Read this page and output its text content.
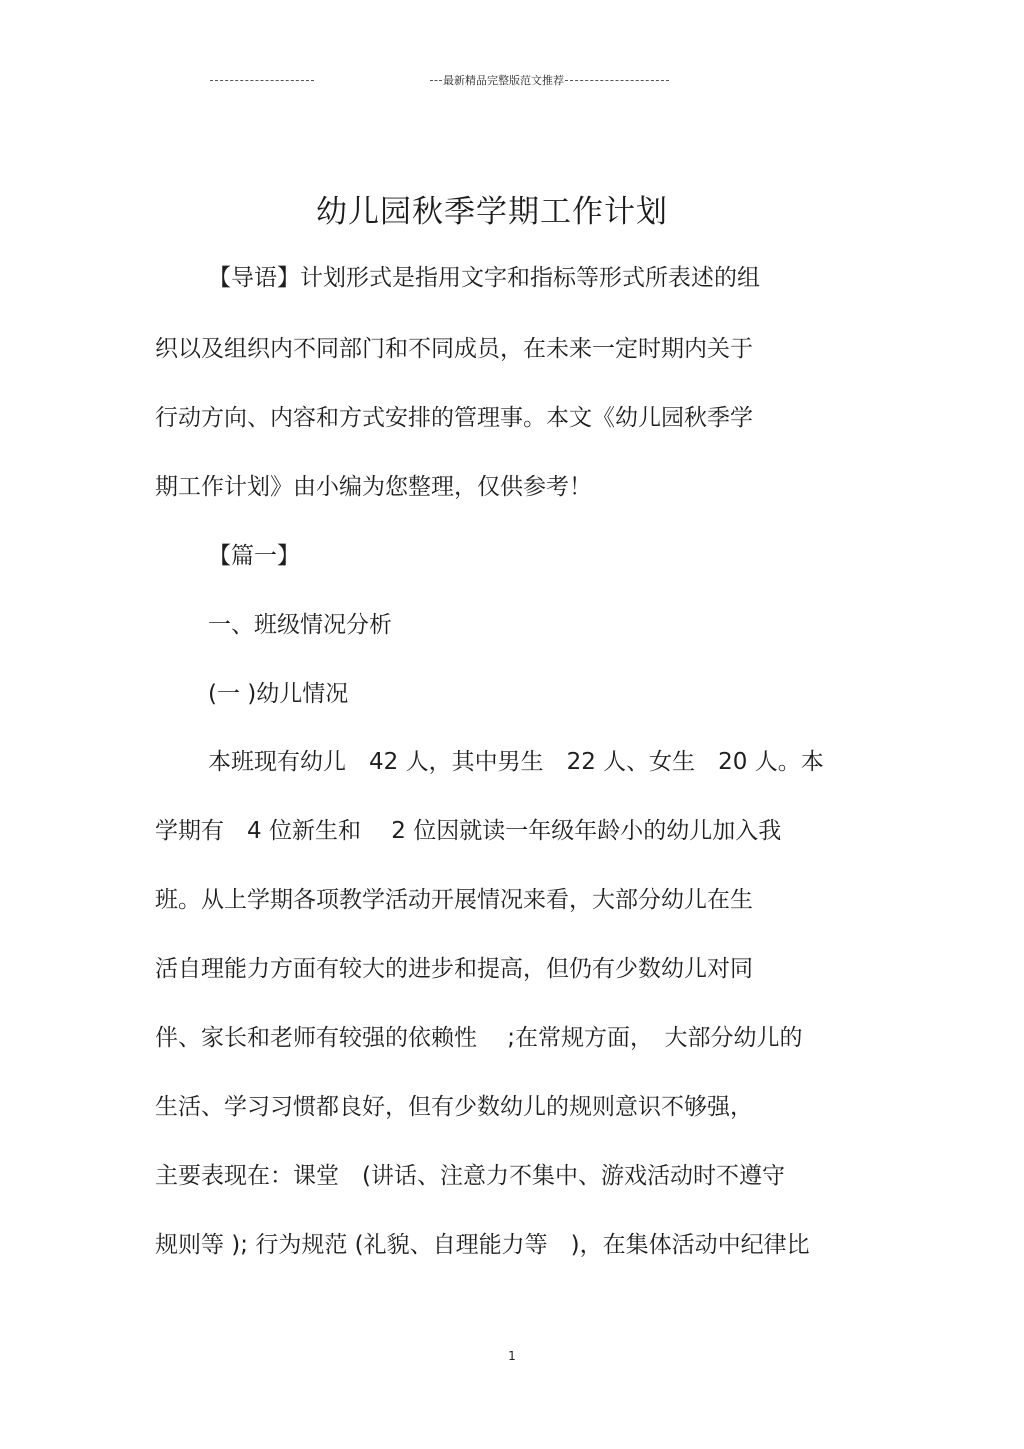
最新精品完整版范文推荐
幼儿园秋季学期工作计划
【导语】计划形式是指用文字和指标等形式所表述的组
织以及组织内不同部门和不同成员，在未来一定时期内关于
行动方向、内容和方式安排的管理事。本文《幼儿园秋季学
期工作计划》由小编为您整理，仅供参考！
【篇一】
一、班级情况分析
(一 )幼儿情况
本班现有幼儿　42 人，其中男生　22 人、女生　20 人。本
学期有　4 位新生和　 2 位因就读一年级年龄小的幼儿加入我
班。从上学期各项教学活动开展情况来看，大部分幼儿在生
活自理能力方面有较大的进步和提高，但仍有少数幼儿对同
伴、家长和老师有较强的依赖性　 ;在常规方面，　大部分幼儿的
生活、学习习惯都良好，但有少数幼儿的规则意识不够强，
主要表现在：课堂　(讲话、注意力不集中、游戏活动时不遵守
规则等 ); 行为规范 (礼貌、自理能力等　)，在集体活动中纪律比
1
